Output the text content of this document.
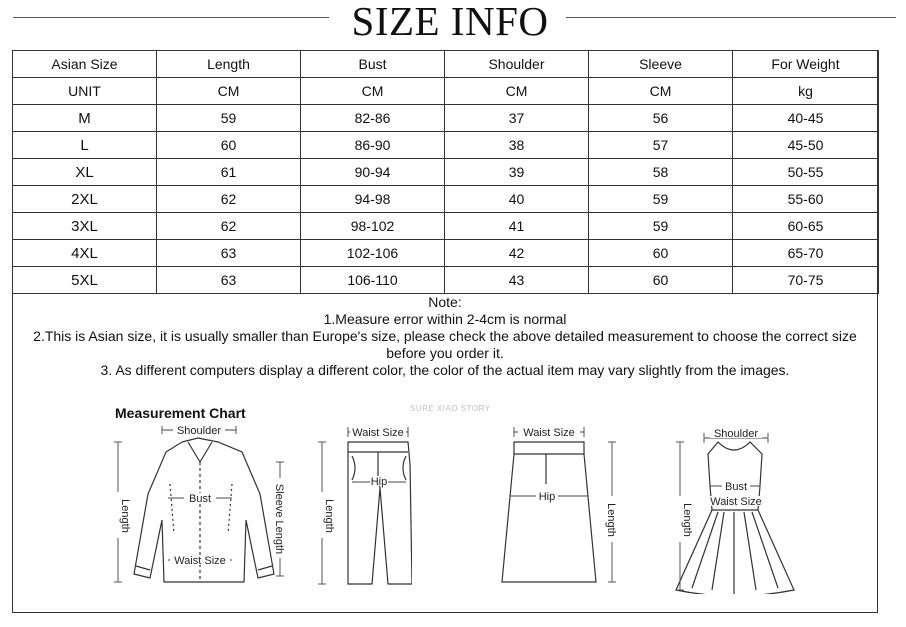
SIZE INFO
Asian Size	Length	Bust	Shoulder	Sleeve	For Weight
UNIT	CM	CM	CM	CM	kg
M	59	82-86	37	56	40-45
L	60	86-90	38	57	45-50
XL	61	90-94	39	58	50-55
2XL	62	94-98	40	59	55-60
3XL	62	98-102	41	59	60-65
4XL	63	102-106	42	60	65-70
5XL	63	106-110	43	60	70-75
Note:
1.Measure error within 2-4cm is normal
2.This is Asian size, it is usually smaller than Europe's size, please check the above detailed measurement to choose the correct size
before you order it.
3. As different computers display a different color, the color of the actual item may vary slightly from the images.
Measurement Chart	SURE XIAO STORY
Shoulder
Bust
Waist Size
Length	Sleeve Length
Waist Size
Hip
Length
Waist Size
Hip
Length
Shoulder
Bust
Waist Size
Length
